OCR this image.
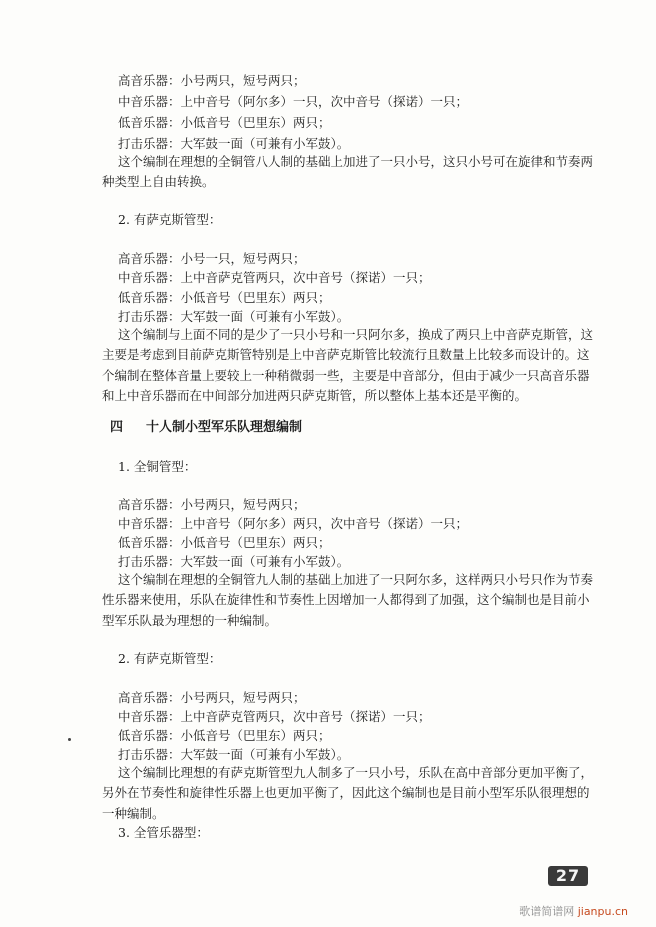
高音乐器：小号两只，短号两只；
中音乐器：上中音号（阿尔多）一只，次中音号（探诺）一只；
低音乐器：小低音号（巴里东）两只；
打击乐器：大军鼓一面（可兼有小军鼓）。
这个编制在理想的全铜管八人制的基础上加进了一只小号，这只小号可在旋律和节奏两种类型上自由转换。
2. 有萨克斯管型：
高音乐器：小号一只，短号两只；
中音乐器：上中音萨克管两只，次中音号（探诺）一只；
低音乐器：小低音号（巴里东）两只；
打击乐器：大军鼓一面（可兼有小军鼓）。
这个编制与上面不同的是少了一只小号和一只阿尔多，换成了两只上中音萨克斯管，这主要是考虑到目前萨克斯管特别是上中音萨克斯管比较流行且数量上比较多而设计的。这个编制在整体音量上要较上一种稍微弱一些，主要是中音部分，但由于减少一只高音乐器和上中音乐器而在中间部分加进两只萨克斯管，所以整体上基本还是平衡的。
四 十人制小型军乐队理想编制
1. 全铜管型：
高音乐器：小号两只，短号两只；
中音乐器：上中音号（阿尔多）两只，次中音号（探诺）一只；
低音乐器：小低音号（巴里东）两只；
打击乐器：大军鼓一面（可兼有小军鼓）。
这个编制在理想的全铜管九人制的基础上加进了一只阿尔多，这样两只小号只作为节奏性乐器来使用，乐队在旋律性和节奏性上因增加一人都得到了加强，这个编制也是目前小型军乐队最为理想的一种编制。
2. 有萨克斯管型：
高音乐器：小号两只，短号两只；
中音乐器：上中音萨克管两只，次中音号（探诺）一只；
低音乐器：小低音号（巴里东）两只；
打击乐器：大军鼓一面（可兼有小军鼓）。
这个编制比理想的有萨克斯管型九人制多了一只小号，乐队在高中音部分更加平衡了，另外在节奏性和旋律性乐器上也更加平衡了，因此这个编制也是目前小型军乐队很理想的一种编制。
3. 全管乐器型：
27
歌谱简谱网 jianpu.cn
